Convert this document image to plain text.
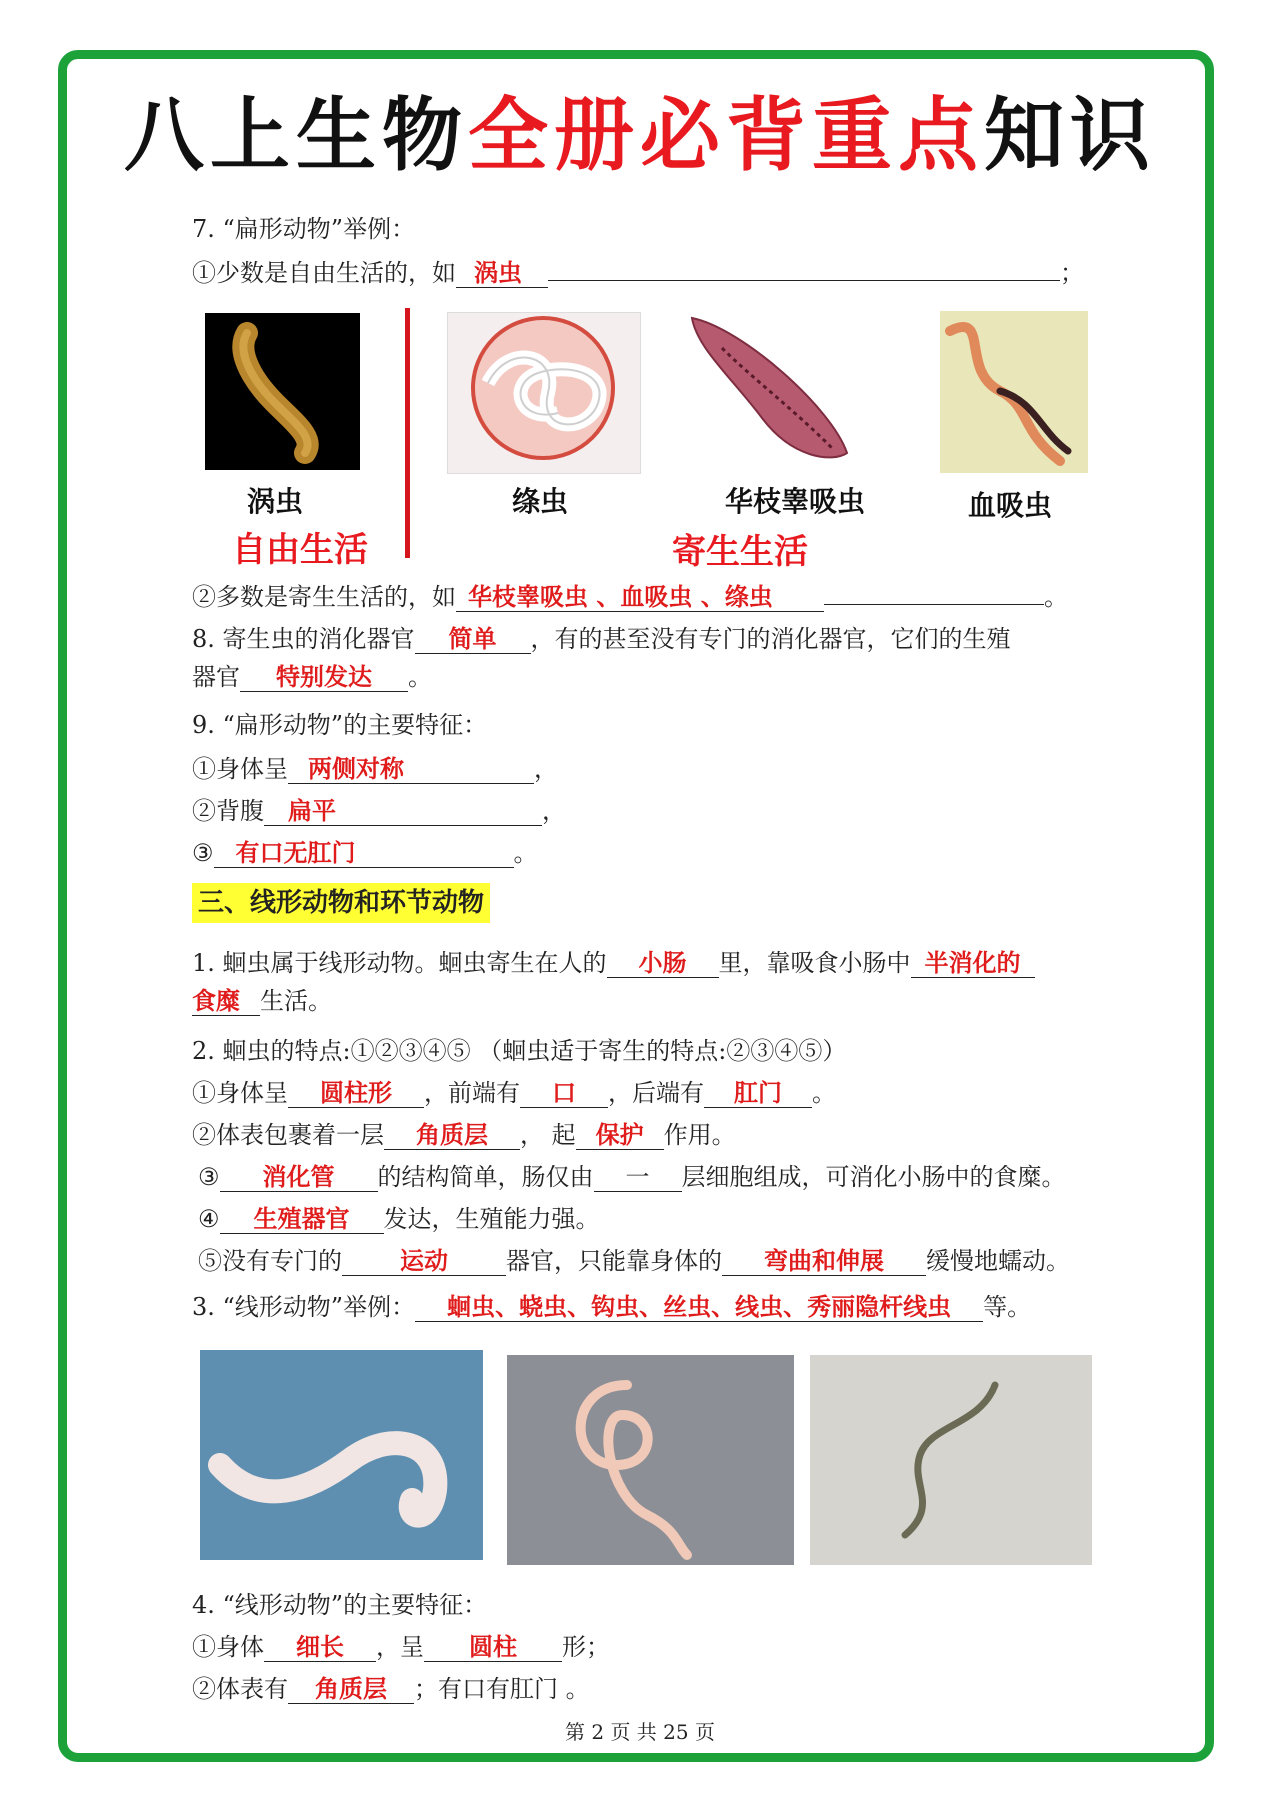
八上生物全册必背重点知识
7. “扁形动物”举例：
①少数是自由生活的，如 涡虫	；
涡虫	绦虫	华枝睾吸虫	血吸虫
自由生活	寄生生活
②多数是寄生生活的，如 华枝睾吸虫 、血吸虫 、绦虫	。
8. 寄生虫的消化器官 简单 ，有的甚至没有专门的消化器官，它们的生殖
器官 特别发达 。
9. “扁形动物”的主要特征：
①身体呈 两侧对称	，
②背腹 扁平	，
③ 有口无肛门	。
三、线形动物和环节动物
1. 蛔虫属于线形动物。蛔虫寄生在人的 小肠 里，靠吸食小肠中 半消化的
食糜 生活。
2. 蛔虫的特点:①②③④⑤ （蛔虫适于寄生的特点:②③④⑤）
①身体呈 圆柱形 ，前端有 口 ，后端有 肛门 。
②体表包裹着一层 角质层 ， 起 保护 作用。
③ 消化管 的结构简单，肠仅由 一 层细胞组成，可消化小肠中的食糜。
④ 生殖器官 发达，生殖能力强。
⑤没有专门的 运动 器官，只能靠身体的 弯曲和伸展 缓慢地蠕动。
3. “线形动物”举例： 蛔虫、蛲虫、钩虫、丝虫、线虫、秀丽隐杆线虫 等。
4. “线形动物”的主要特征：
①身体 细长 ，呈 圆柱 形；
②体表有 角质层 ；有口有肛门 。
第 2 页 共 25 页
